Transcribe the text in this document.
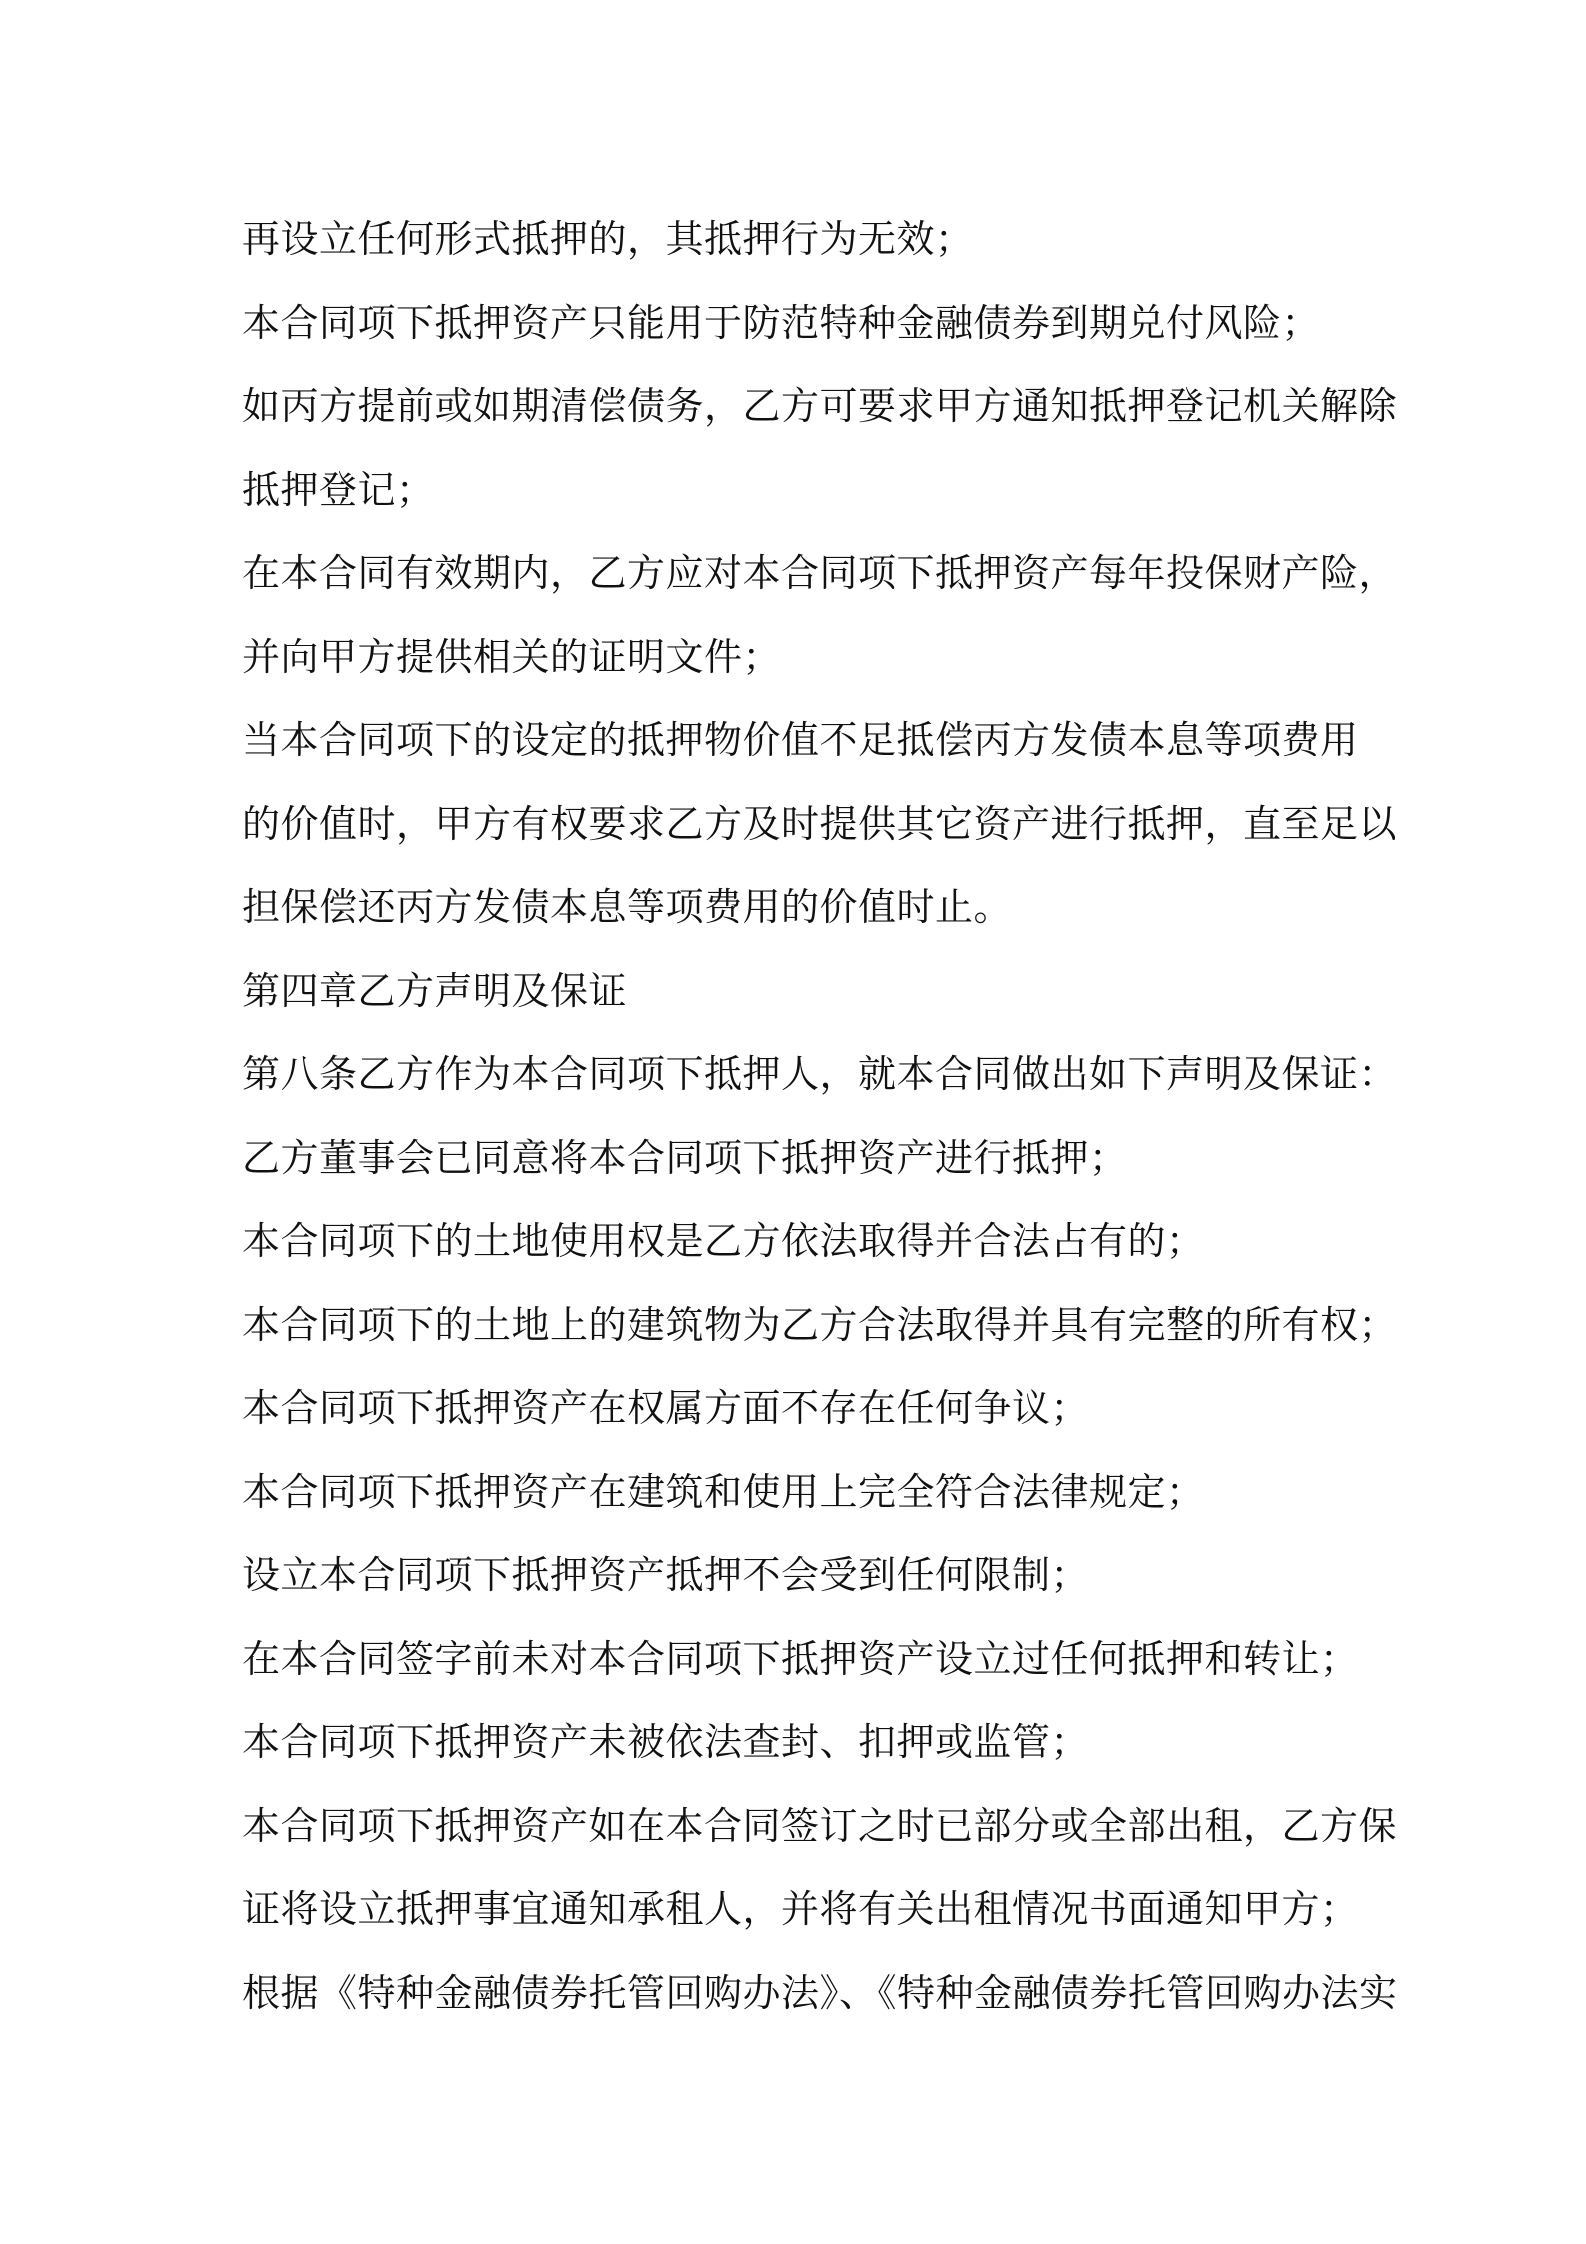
再设立任何形式抵押的，其抵押行为无效；
本合同项下抵押资产只能用于防范特种金融债券到期兑付风险；
如丙方提前或如期清偿债务，乙方可要求甲方通知抵押登记机关解除
抵押登记；
在本合同有效期内，乙方应对本合同项下抵押资产每年投保财产险，
并向甲方提供相关的证明文件；
当本合同项下的设定的抵押物价值不足抵偿丙方发债本息等项费用
的价值时，甲方有权要求乙方及时提供其它资产进行抵押，直至足以
担保偿还丙方发债本息等项费用的价值时止。
第四章乙方声明及保证
第八条乙方作为本合同项下抵押人，就本合同做出如下声明及保证：
乙方董事会已同意将本合同项下抵押资产进行抵押；
本合同项下的土地使用权是乙方依法取得并合法占有的；
本合同项下的土地上的建筑物为乙方合法取得并具有完整的所有权；
本合同项下抵押资产在权属方面不存在任何争议；
本合同项下抵押资产在建筑和使用上完全符合法律规定；
设立本合同项下抵押资产抵押不会受到任何限制；
在本合同签字前未对本合同项下抵押资产设立过任何抵押和转让；
本合同项下抵押资产未被依法查封、扣押或监管；
本合同项下抵押资产如在本合同签订之时已部分或全部出租，乙方保
证将设立抵押事宜通知承租人，并将有关出租情况书面通知甲方；
根据《特种金融债券托管回购办法》、《特种金融债券托管回购办法实
